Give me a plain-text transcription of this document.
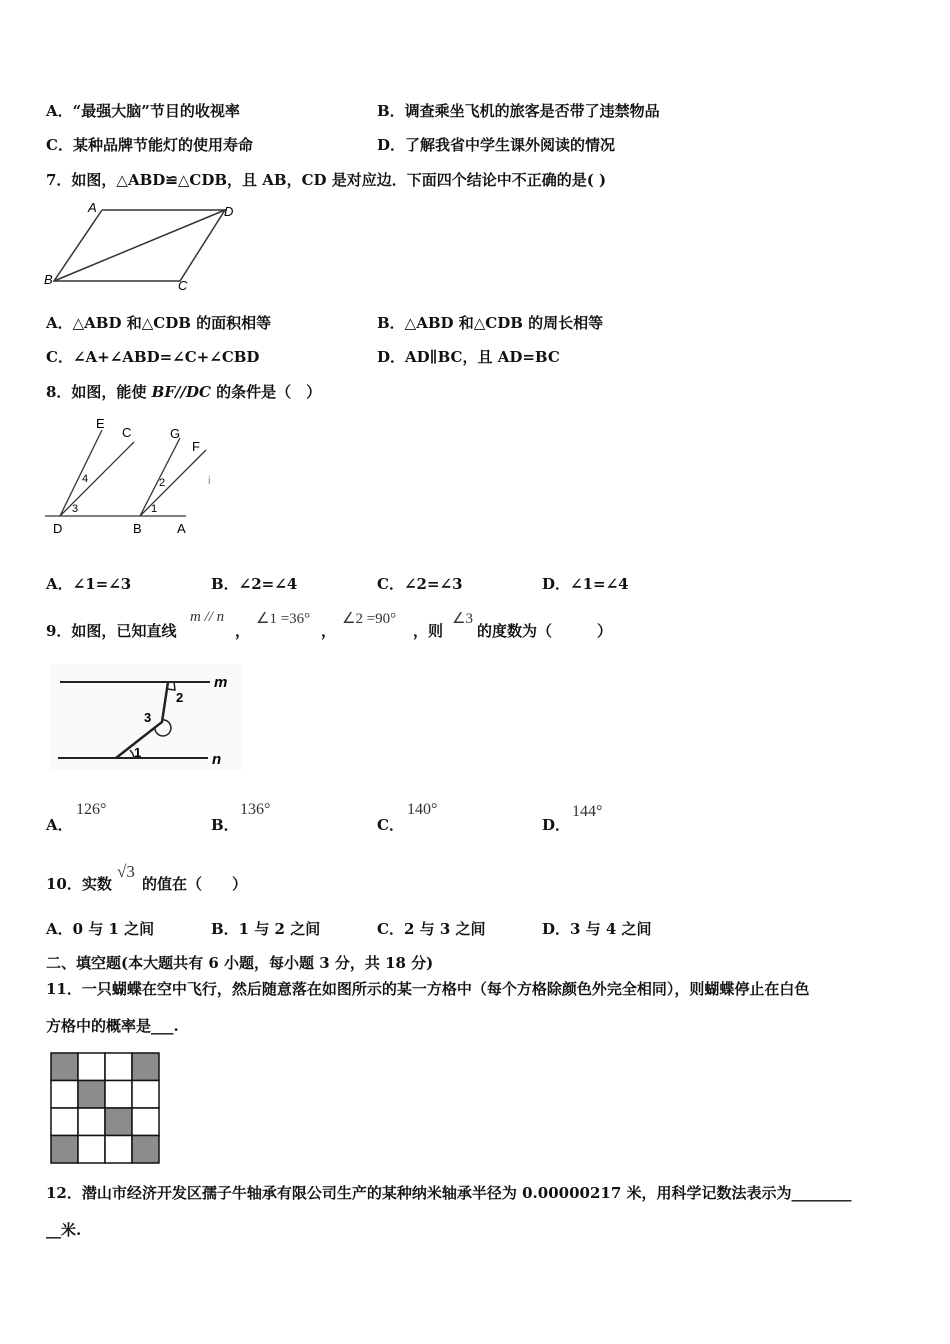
A．“最强大脑”节目的收视率	B．调查乘坐飞机的旅客是否带了违禁物品
C．某种品牌节能灯的使用寿命	D．了解我省中学生课外阅读的情况
7．如图，△ABD≌△CDB，且 AB，CD 是对应边．下面四个结论中不正确的是( )
A	D
B	C
A．△ABD 和△CDB 的面积相等	B．△ABD 和△CDB 的周长相等
C．∠A+∠ABD=∠C+∠CBD	D．AD∥BC，且 AD=BC
8．如图，能使 BF//DC 的条件是（　）
E
C	G
F
4	2
3	1
D	B	A
i
A．∠1=∠3	B．∠2=∠4	C．∠2=∠3	D．∠1=∠4
9．如图，已知直线
m // n
，
∠1 =36°
，
∠2 =90°
，则
∠3
的度数为（　　　）
m
n
1
2
3
A．
126°
B．
136°
C．
140°
D．
144°
10．实数
√3
的值在（　　）
A．0 与 1 之间	B．1 与 2 之间	C．2 与 3 之间	D．3 与 4 之间
二、填空题(本大题共有 6 小题，每小题 3 分，共 18 分)
11．一只蝴蝶在空中飞行，然后随意落在如图所示的某一方格中（每个方格除颜色外完全相同），则蝴蝶停止在白色
方格中的概率是___.
12．潜山市经济开发区孺子牛轴承有限公司生产的某种纳米轴承半径为 0.00000217 米，用科学记数法表示为________
__米.
